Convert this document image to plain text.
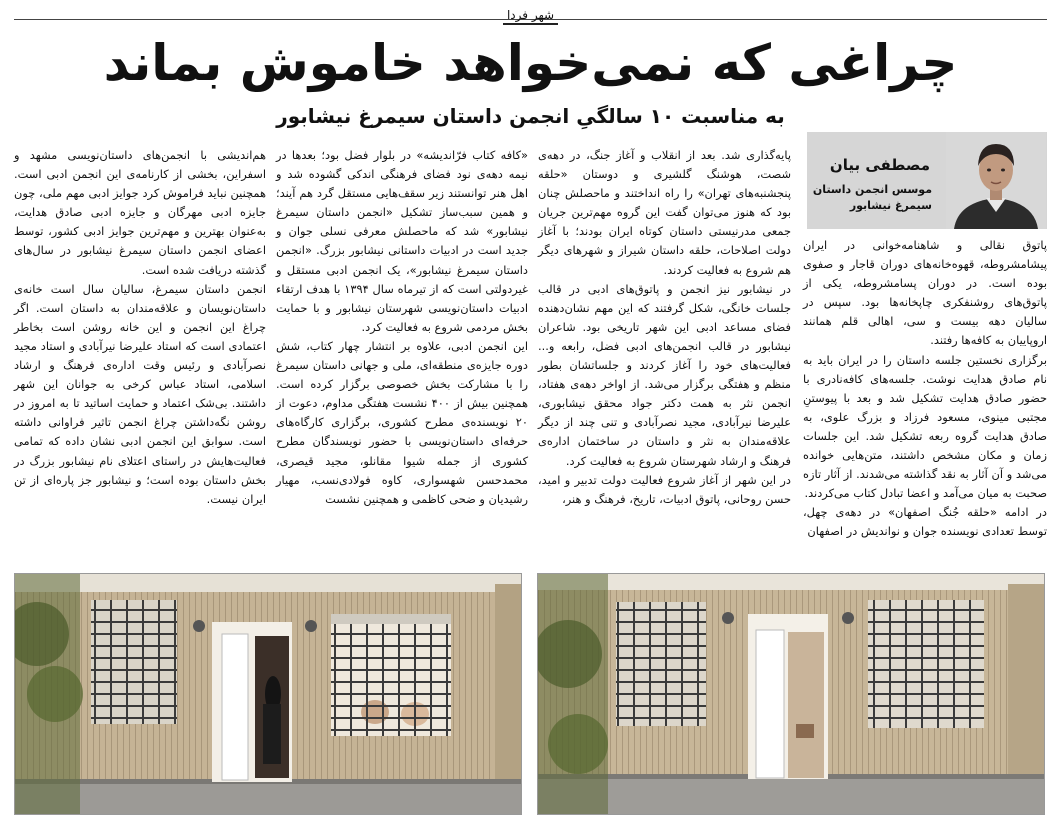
شهر فردا
چراغی که نمی‌خواهد خاموش بماند
به مناسبت ۱۰ سالگیِ انجمن داستان سیمرغ نیشابور
مصطفی بیان
موسس انجمن داستان
سیمرغ نیشابور

پاتوق نقالی و شاهنامه‌خوانی در ایران پیشامشروطه، قهوه‌خانه‌های دوران قاجار و صفوی بوده است. در دوران پسامشروطه، یکی از پاتوق‌های روشنفکری چاپخانه‌ها بود. سپس در سالیان دهه بیست و سی، اهالی قلم همانند اروپاییان به کافه‌ها رفتند.

برگزاری نخستین جلسه داستان را در ایران باید به نام صادق هدایت نوشت. جلسه‌های کافه‌نادری با حضور صادق هدایت تشکیل شد و بعد با پیوستنِ مجتبی مینوی، مسعود فرزاد و بزرگ علوی، به صادق هدایت گروه ربعه تشکیل شد. این جلسات زمان و مکان مشخص داشتند، متن‌هایی خوانده می‌شد و آن آثار به نقد گذاشته می‌شدند. از آثار تازه صحبت به میان می‌آمد و اعضا تبادل کتاب می‌کردند.

در ادامه «حلقه جُنگ اصفهان» در دهه‌ی چهل، توسط تعدادی نویسنده جوان و نواندیش در اصفهان

پایه‌گذاری شد. بعد از انقلاب و آغاز جنگ، در دهه‌ی شصت، هوشنگ گلشیری و دوستان «حلقه پنجشنبه‌های تهران» را راه انداختند و ماحصلش چنان بود که هنوز می‌توان گفت این گروه مهم‌ترین جریان جمعی مدرنیستی داستان کوتاه ایران بودند؛ با آغاز دولت اصلاحات، حلقه داستان شیراز و شهرهای دیگر هم شروع به فعالیت کردند.

در نیشابور نیز انجمن و پاتوق‌های ادبی در قالب جلسات خانگی، شکل گرفتند که این مهم نشان‌دهنده فضای مساعد ادبی این شهر تاریخی بود. شاعران نیشابور در قالب انجمن‌های ادبی فضل، رابعه و... فعالیت‌های خود را آغاز کردند و جلساتشان بطور منظم و هفتگی برگزار می‌شد. از اواخر دهه‌ی هفتاد، انجمن نثر به همت دکتر جواد محقق نیشابوری، علیرضا نیرآبادی، مجید نصرآبادی و تنی چند از دیگر علاقه‌مندان به نثر و داستان در ساختمان اداره‌ی فرهنگ و ارشاد شهرستان شروع به فعالیت کرد.

در این شهر از آغاز شروع فعالیت دولت تدبیر و امید، حسن روحانی، پاتوق ادبیات، تاریخ، فرهنگ و هنر،

«کافه کتاب فرّاندیشه» در بلوار فضل بود؛ بعدها در نیمه دهه‌ی نود فضای فرهنگی اندکی گشوده شد و اهل هنر توانستند زیر سقف‌هایی مستقل گرد هم آیند؛ و همین سبب‌ساز تشکیل «انجمن داستان سیمرغ نیشابور» شد که ماحصلش معرفی نسلی جوان و جدید است در ادبیات داستانی نیشابور بزرگ. «انجمن داستان سیمرغ نیشابور»، یک انجمن ادبی مستقل و غیردولتی است که از تیرماه سال ۱۳۹۴ با هدف ارتقاء ادبیات داستان‌نویسی شهرستان نیشابور و با حمایت بخش مردمی شروع به فعالیت کرد.

این انجمن ادبی، علاوه بر انتشار چهار کتاب، شش دوره جایزه‌ی منطقه‌ای، ملی و جهانی داستان سیمرغ را با مشارکت بخش خصوصی برگزار کرده است. همچنین بیش از ۴۰۰ نشست هفتگی مداوم، دعوت از ۲۰ نویسنده‌ی مطرح کشوری، برگزاری کارگاه‌های حرفه‌ای داستان‌نویسی با حضور نویسندگان مطرح کشوری از جمله شیوا مقانلو، مجید قیصری، محمدحسن شهسواری، کاوه فولادی‌نسب، مهیار رشیدیان و ضحی کاظمی و همچنین نشست

هم‌اندیشی با انجمن‌های داستان‌نویسی مشهد و اسفراین، بخشی از کارنامه‌ی این انجمن ادبی است. همچنین نباید فراموش کرد جوایز ادبی مهم ملی، چون جایزه ادبی مهرگان و جایزه ادبی صادق هدایت، به‌عنوان بهترین و مهم‌ترین جوایز ادبی کشور، توسط اعضای انجمن داستان سیمرغ نیشابور در سال‌های گذشته دریافت شده است.

انجمن داستان سیمرغ، سالیان سال است خانه‌ی داستان‌نویسان و علاقه‌مندان به داستان است. اگر چراغ این انجمن و این خانه روشن است بخاطر اعتمادی است که استاد علیرضا نیرآبادی و استاد مجید نصرآبادی و رئیس وقت اداره‌ی فرهنگ و ارشاد اسلامی، استاد عباس کرخی به جوانان این شهر داشتند. بی‌شک اعتماد و حمایت اساتید تا به امروز در روشن نگه‌داشتن چراغ انجمن تاثیر فراوانی داشته است. سوابق این انجمن ادبی نشان داده که تمامی فعالیت‌هایش در راستای اعتلای نام نیشابور بزرگ در بخش داستان بوده است؛ و نیشابور جز پاره‌ای از تن ایران نیست.
